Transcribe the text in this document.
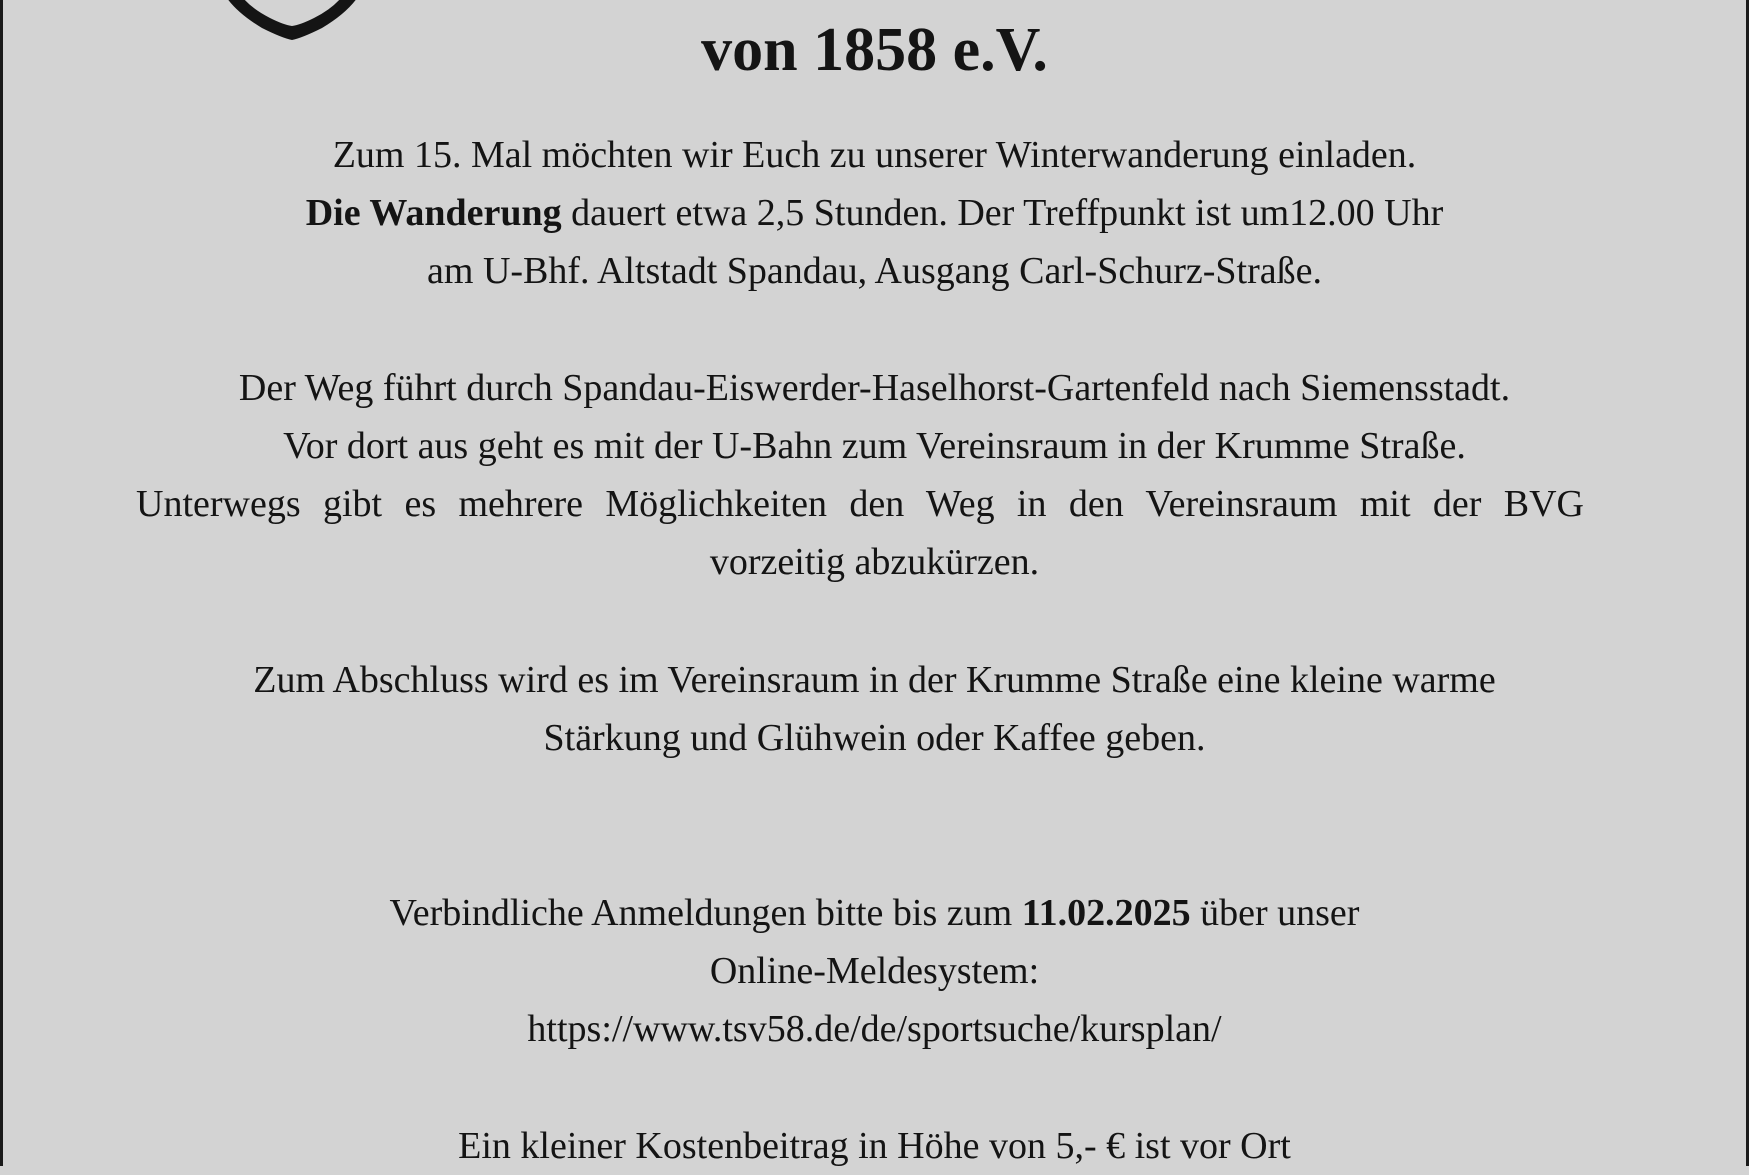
von 1858 e.V.

Zum 15. Mal möchten wir Euch zu unserer Winterwanderung einladen.

Die Wanderung dauert etwa 2,5 Stunden. Der Treffpunkt ist um12.00 Uhr

am U-Bhf. Altstadt Spandau, Ausgang Carl-Schurz-Straße.

Der Weg führt durch Spandau-Eiswerder-Haselhorst-Gartenfeld nach Siemensstadt.

Vor dort aus geht es mit der U-Bahn zum Vereinsraum in der Krumme Straße.

Unterwegs gibt es mehrere Möglichkeiten den Weg in den Vereinsraum mit der BVG

vorzeitig abzukürzen.

Zum Abschluss wird es im Vereinsraum in der Krumme Straße eine kleine warme

Stärkung und Glühwein oder Kaffee geben.

Verbindliche Anmeldungen bitte bis zum 11.02.2025 über unser

Online-Meldesystem:

https://www.tsv58.de/de/sportsuche/kursplan/

Ein kleiner Kostenbeitrag in Höhe von 5,- € ist vor Ort
